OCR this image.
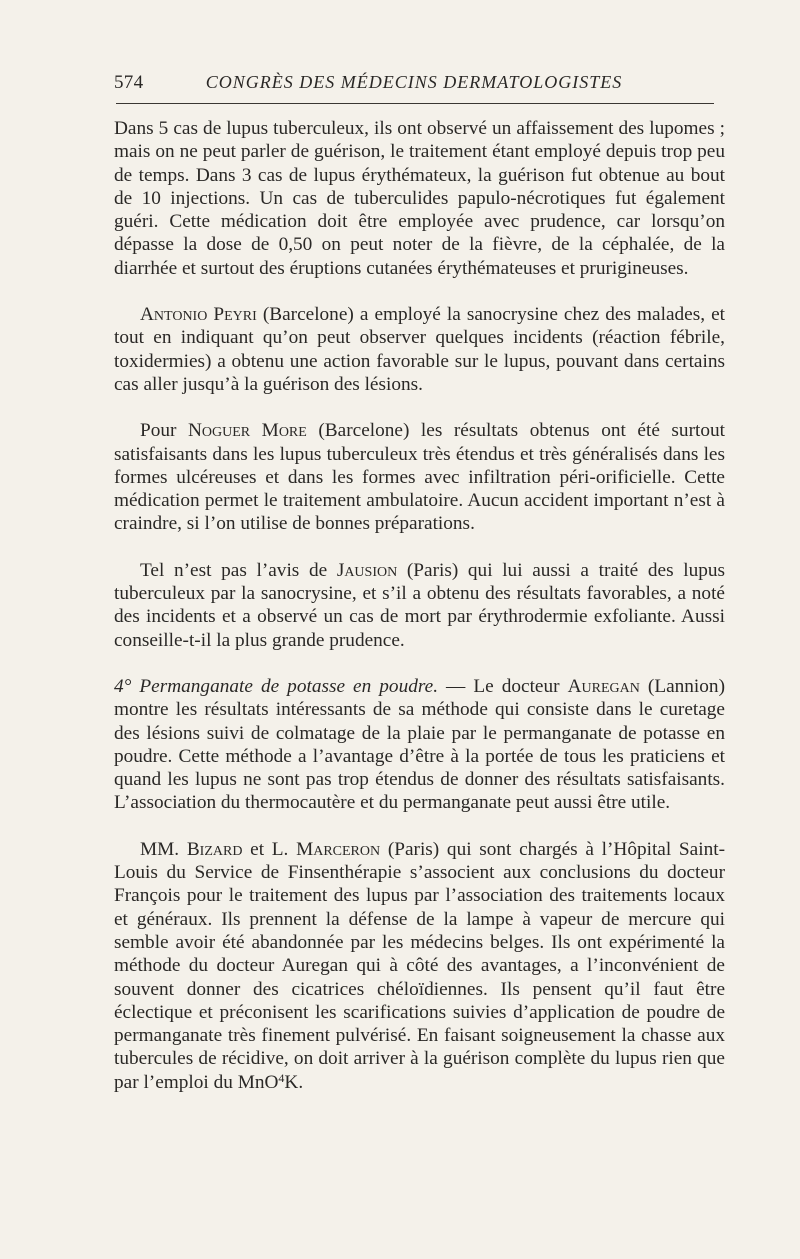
574	CONGRÈS DES MÉDECINS DERMATOLOGISTES

Dans 5 cas de lupus tuberculeux, ils ont observé un affaissement des lupomes ; mais on ne peut parler de guérison, le traitement étant employé depuis trop peu de temps. Dans 3 cas de lupus érythémateux, la guérison fut obtenue au bout de 10 injections. Un cas de tuberculides papulo-nécrotiques fut également guéri. Cette médication doit être employée avec prudence, car lorsqu’on dépasse la dose de 0,50 on peut noter de la fièvre, de la céphalée, de la diarrhée et surtout des éruptions cutanées érythémateuses et prurigineuses.

Antonio Peyri (Barcelone) a employé la sanocrysine chez des malades, et tout en indiquant qu’on peut observer quelques incidents (réaction fébrile, toxidermies) a obtenu une action favorable sur le lupus, pouvant dans certains cas aller jusqu’à la guérison des lésions.

Pour Noguer More (Barcelone) les résultats obtenus ont été surtout satisfaisants dans les lupus tuberculeux très étendus et très généralisés dans les formes ulcéreuses et dans les formes avec infiltration péri-orificielle. Cette médication permet le traitement ambulatoire. Aucun accident important n’est à craindre, si l’on utilise de bonnes préparations.

Tel n’est pas l’avis de Jausion (Paris) qui lui aussi a traité des lupus tuberculeux par la sanocrysine, et s’il a obtenu des résultats favorables, a noté des incidents et a observé un cas de mort par érythrodermie exfoliante. Aussi conseille-t-il la plus grande prudence.

4° Permanganate de potasse en poudre. — Le docteur Auregan (Lannion) montre les résultats intéressants de sa méthode qui consiste dans le curetage des lésions suivi de colmatage de la plaie par le permanganate de potasse en poudre. Cette méthode a l’avantage d’être à la portée de tous les praticiens et quand les lupus ne sont pas trop étendus de donner des résultats satisfaisants. L’association du thermocautère et du permanganate peut aussi être utile.

MM. Bizard et L. Marceron (Paris) qui sont chargés à l’Hôpital Saint-Louis du Service de Finsenthérapie s’associent aux conclusions du docteur François pour le traitement des lupus par l’association des traitements locaux et généraux. Ils prennent la défense de la lampe à vapeur de mercure qui semble avoir été abandonnée par les médecins belges. Ils ont expérimenté la méthode du docteur Auregan qui à côté des avantages, a l’inconvénient de souvent donner des cicatrices chéloïdiennes. Ils pensent qu’il faut être éclectique et préconisent les scarifications suivies d’application de poudre de permanganate très finement pulvérisé. En faisant soigneusement la chasse aux tubercules de récidive, on doit arriver à la guérison complète du lupus rien que par l’emploi du MnO$^4$K.
